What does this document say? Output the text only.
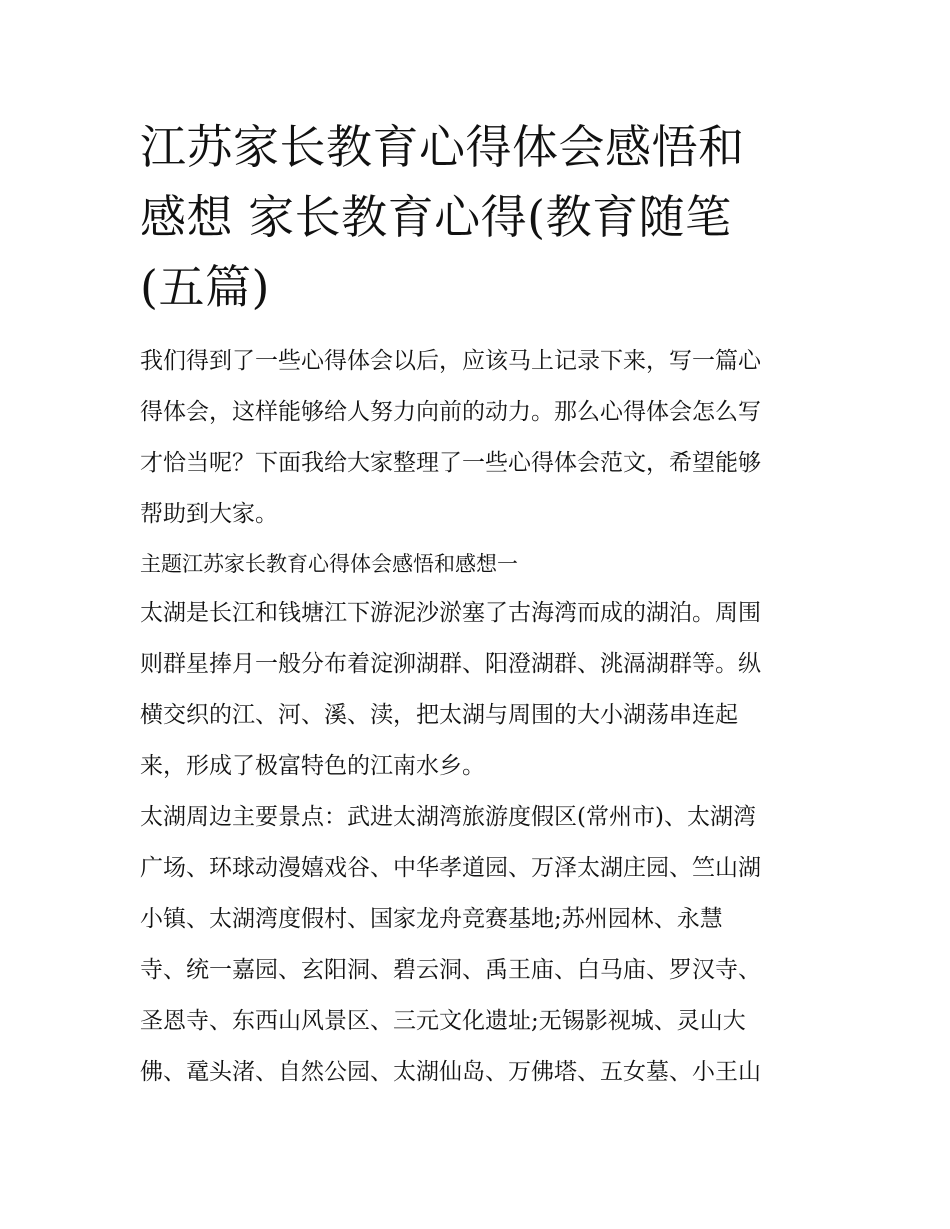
江苏家长教育心得体会感悟和
感想 家长教育心得(教育随笔
(五篇)

我们得到了一些心得体会以后，应该马上记录下来，写一篇心
得体会，这样能够给人努力向前的动力。那么心得体会怎么写
才恰当呢？下面我给大家整理了一些心得体会范文，希望能够
帮助到大家。

主题江苏家长教育心得体会感悟和感想一

太湖是长江和钱塘江下游泥沙淤塞了古海湾而成的湖泊。周围
则群星捧月一般分布着淀泖湖群、阳澄湖群、洮滆湖群等。纵
横交织的江、河、溪、渎，把太湖与周围的大小湖荡串连起
来，形成了极富特色的江南水乡。

太湖周边主要景点：武进太湖湾旅游度假区(常州市)、太湖湾
广场、环球动漫嬉戏谷、中华孝道园、万泽太湖庄园、竺山湖
小镇、太湖湾度假村、国家龙舟竞赛基地;苏州园林、永慧
寺、统一嘉园、玄阳洞、碧云洞、禹王庙、白马庙、罗汉寺、
圣恩寺、东西山风景区、三元文化遗址;无锡影视城、灵山大
佛、鼋头渚、自然公园、太湖仙岛、万佛塔、五女墓、小王山
